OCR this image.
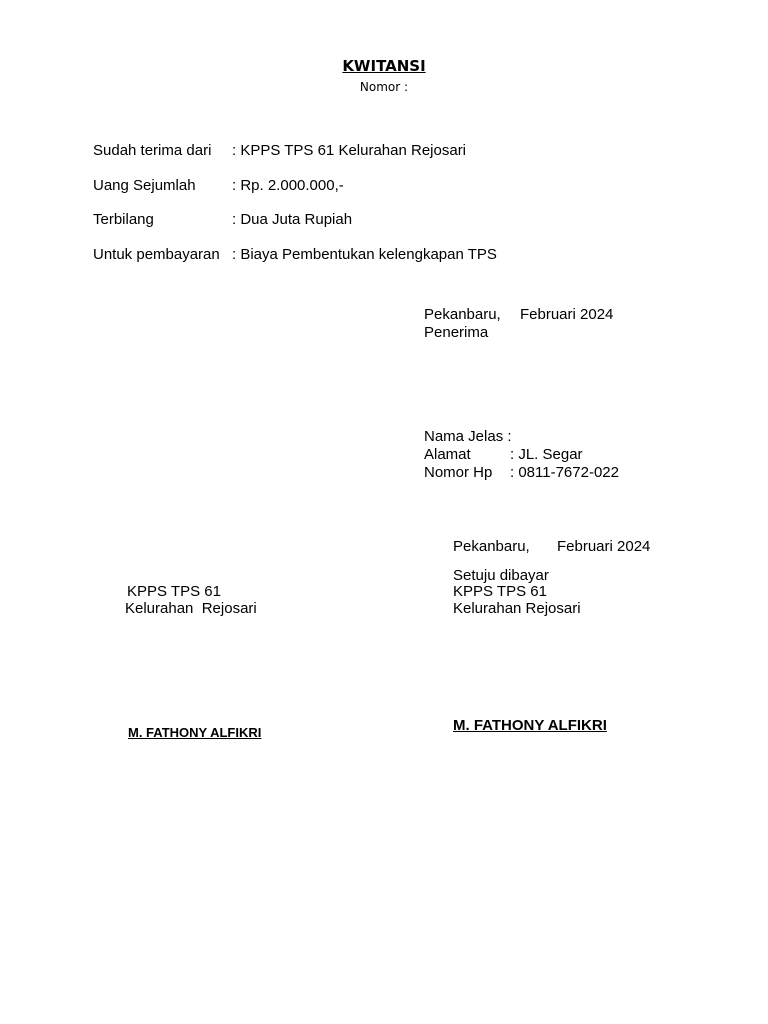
KWITANSI
Nomor :
Sudah terima dari : KPPS TPS 61 Kelurahan Rejosari
Uang Sejumlah : Rp. 2.000.000,-
Terbilang	: Dua Juta Rupiah
Untuk pembayaran : Biaya Pembentukan kelengkapan TPS
Pekanbaru, Februari 2024
Penerima
Nama Jelas :
Alamat	: JL. Segar
Nomor Hp : 0811-7672-022
Pekanbaru, Februari 2024
Setuju dibayar
KPPS TPS 61
Kelurahan Rejosari
M. FATHONY ALFIKRI
KPPS TPS 61
Kelurahan  Rejosari
M. FATHONY ALFIKRI
